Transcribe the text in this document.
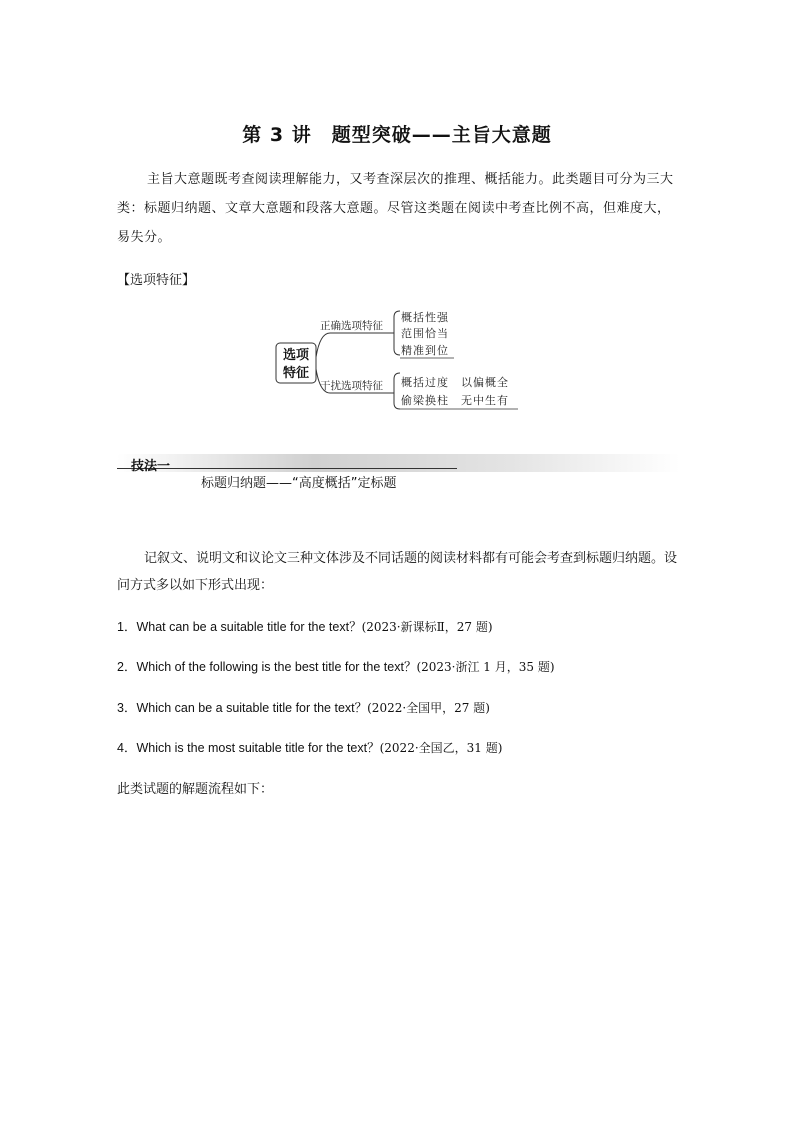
第 3 讲　题型突破——主旨大意题
主旨大意题既考查阅读理解能力，又考查深层次的推理、概括能力。此类题目可分为三大类：标题归纳题、文章大意题和段落大意题。尽管这类题在阅读中考查比例不高，但难度大，易失分。
【选项特征】
选项
特征
正确选项特征
干扰选项特征
概括性强
范围恰当
精准到位
概括过度　以偏概全
偷梁换柱　无中生有
技法一
标题归纳题——“高度概括”定标题
记叙文、说明文和议论文三种文体涉及不同话题的阅读材料都有可能会考查到标题归纳题。设问方式多以如下形式出现：
1．What can be a suitable title for the text？(2023·新课标Ⅱ，27 题)
2．Which of the following is the best title for the text？(2023·浙江 1 月，35 题)
3．Which can be a suitable title for the text？(2022·全国甲，27 题)
4．Which is the most suitable title for the text？(2022·全国乙，31 题)
此类试题的解题流程如下：
